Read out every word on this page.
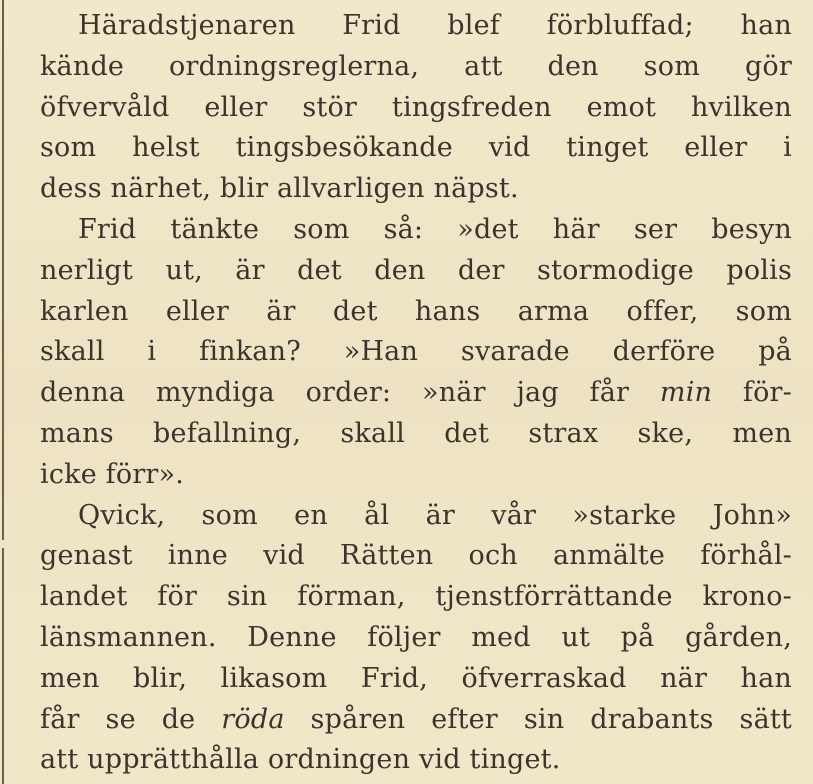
Häradstjenaren Frid blef förbluffad; han
kände ordningsreglerna, att den som gör
öfvervåld eller stör tingsfreden emot hvilken
som helst tingsbesökande vid tinget eller i
dess närhet, blir allvarligen näpst.
Frid tänkte som så: »det här ser besyn
nerligt ut, är det den der stormodige polis
karlen eller är det hans arma offer, som
skall i finkan? »Han svarade derföre på
denna myndiga order: »när jag får min för-
mans befallning, skall det strax ske, men
icke förr».
Qvick, som en ål är vår »starke John»
genast inne vid Rätten och anmälte förhål-
landet för sin förman, tjenstförrättande krono-
länsmannen. Denne följer med ut på gården,
men blir, likasom Frid, öfverraskad när han
får se de röda spåren efter sin drabants sätt
att upprätthålla ordningen vid tinget.
